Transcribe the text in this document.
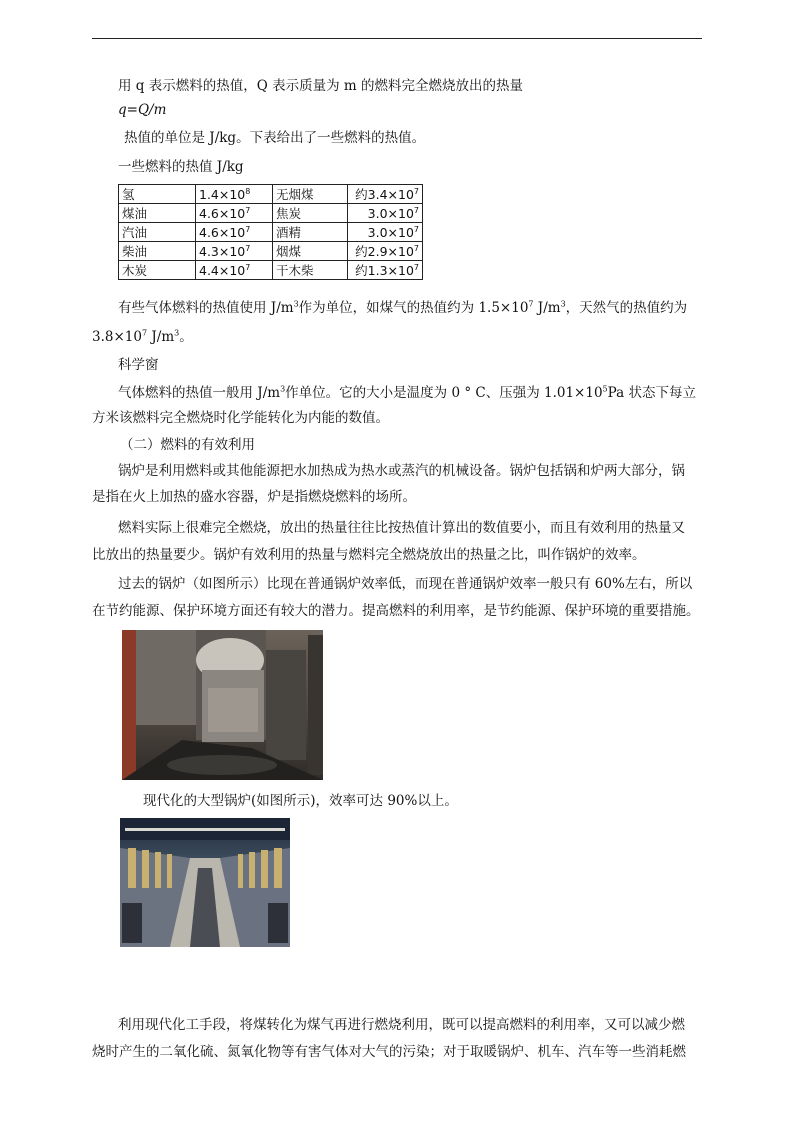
用 q 表示燃料的热值，Q 表示质量为 m 的燃料完全燃烧放出的热量
q=Q/m
热值的单位是 J/kg。下表给出了一些燃料的热值。
一些燃料的热值 J/kg
氢	$1.4\times 10^8$	无烟煤	约$3.4\times 10^7$
煤油	$4.6\times 10^7$	焦炭	$3.0\times 10^7$
汽油	$4.6\times 10^7$	酒精	$3.0\times 10^7$
柴油	$4.3\times 10^7$	烟煤	约$2.9\times 10^7$
木炭	$4.4\times 10^7$	干木柴	约$1.3\times 10^7$
有些气体燃料的热值使用 $J/m^3$作为单位，如煤气的热值约为 $1.5\times 10^7$ $J/m^3$，天然气的热值约为
$3.8\times 10^7$ $J/m^3$。
科学窗
气体燃料的热值一般用 $J/m^3$作单位。它的大小是温度为 0 ° C、压强为 $1.01\times 10^5Pa$ 状态下每立
方米该燃料完全燃烧时化学能转化为内能的数值。
（二）燃料的有效利用
锅炉是利用燃料或其他能源把水加热成为热水或蒸汽的机械设备。锅炉包括锅和炉两大部分，锅
是指在火上加热的盛水容器，炉是指燃烧燃料的场所。
燃料实际上很难完全燃烧，放出的热量往往比按热值计算出的数值要小，而且有效利用的热量又
比放出的热量要少。锅炉有效利用的热量与燃料完全燃烧放出的热量之比，叫作锅炉的效率。
过去的锅炉（如图所示）比现在普通锅炉效率低，而现在普通锅炉效率一般只有 60%左右，所以
在节约能源、保护环境方面还有较大的潜力。提高燃料的利用率，是节约能源、保护环境的重要措施。
现代化的大型锅炉(如图所示)，效率可达 90%以上。
利用现代化工手段，将煤转化为煤气再进行燃烧利用，既可以提高燃料的利用率，又可以减少燃
烧时产生的二氧化硫、氮氧化物等有害气体对大气的污染；对于取暖锅炉、机车、汽车等一些消耗燃
